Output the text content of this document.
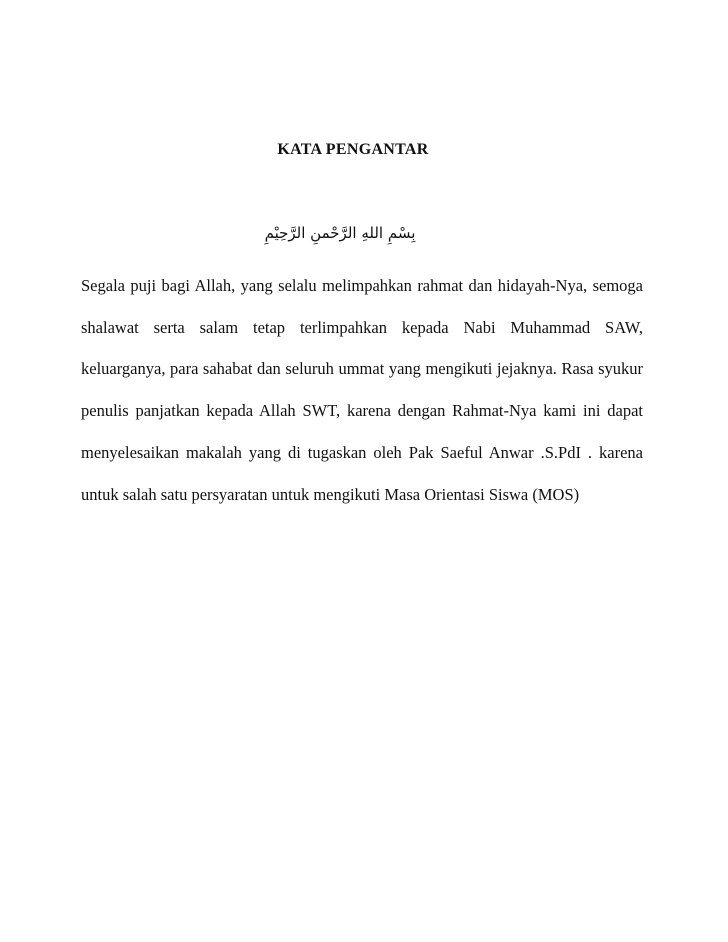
KATA PENGANTAR
بِسْمِ اللهِ الرَّحْمنِ الرَّحِيْمِ

Segala puji bagi Allah, yang selalu melimpahkan rahmat dan hidayah-Nya, semoga shalawat serta salam tetap terlimpahkan kepada Nabi Muhammad SAW, keluarganya, para sahabat dan seluruh ummat yang mengikuti jejaknya. Rasa syukur penulis panjatkan kepada Allah SWT, karena dengan Rahmat-Nya kami ini dapat menyelesaikan makalah yang di tugaskan oleh Pak Saeful Anwar .S.PdI . karena untuk salah satu persyaratan untuk mengikuti Masa Orientasi Siswa (MOS)
